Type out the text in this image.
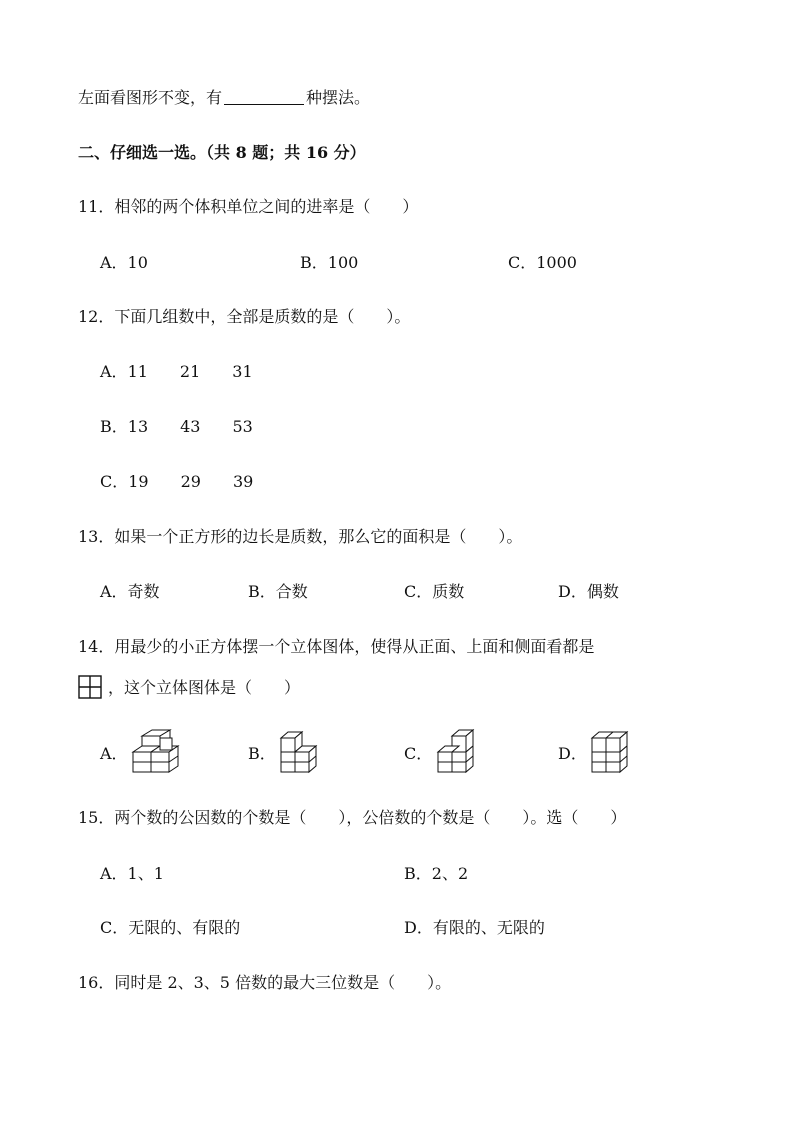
左面看图形不变，有	种摆法。
二、仔细选一选。（共 8 题；共 16 分）
11．相邻的两个体积单位之间的进率是（　　）
A．10	B．100	C．1000
12．下面几组数中，全部是质数的是（　　）。
A．11 21 31
B．13 43 53
C．19 29 39
13．如果一个正方形的边长是质数，那么它的面积是（　　）。
A．奇数	B．合数	C．质数	D．偶数
14．用最少的小正方体摆一个立体图体，使得从正面、上面和侧面看都是
，这个立体图体是（　　）
A．	B．	C．	D．
15．两个数的公因数的个数是（　　），公倍数的个数是（　　）。选（　　）
A．1、1	B．2、2
C．无限的、有限的	D．有限的、无限的
16．同时是 2、3、5 倍数的最大三位数是（　　）。
